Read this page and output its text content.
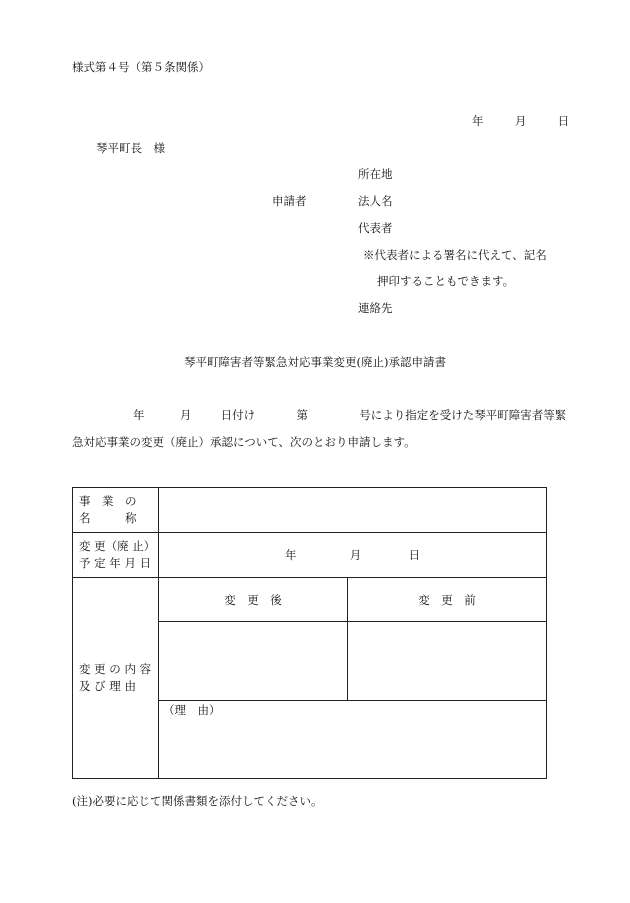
様式第４号（第５条関係）
年	月	日
琴平町長　様
申請者
所在地
法人名
代表者
※代表者による署名に代えて、記名
押印することもできます。
連絡先
琴平町障害者等緊急対応事業変更(廃止)承認申請書
年	月	日付け	第	号により指定を受けた琴平町障害者等緊
急対応事業の変更（廃止）承認について、次のとおり申請します。
事　業　の
名　　　称		

変 更（廃 止）
予 定 年 月 日	年 月 日	

変 更 の 内 容
及 び 理 由	変　更　後	変　更　前

	（理　由）	
(注)必要に応じて関係書類を添付してください。
